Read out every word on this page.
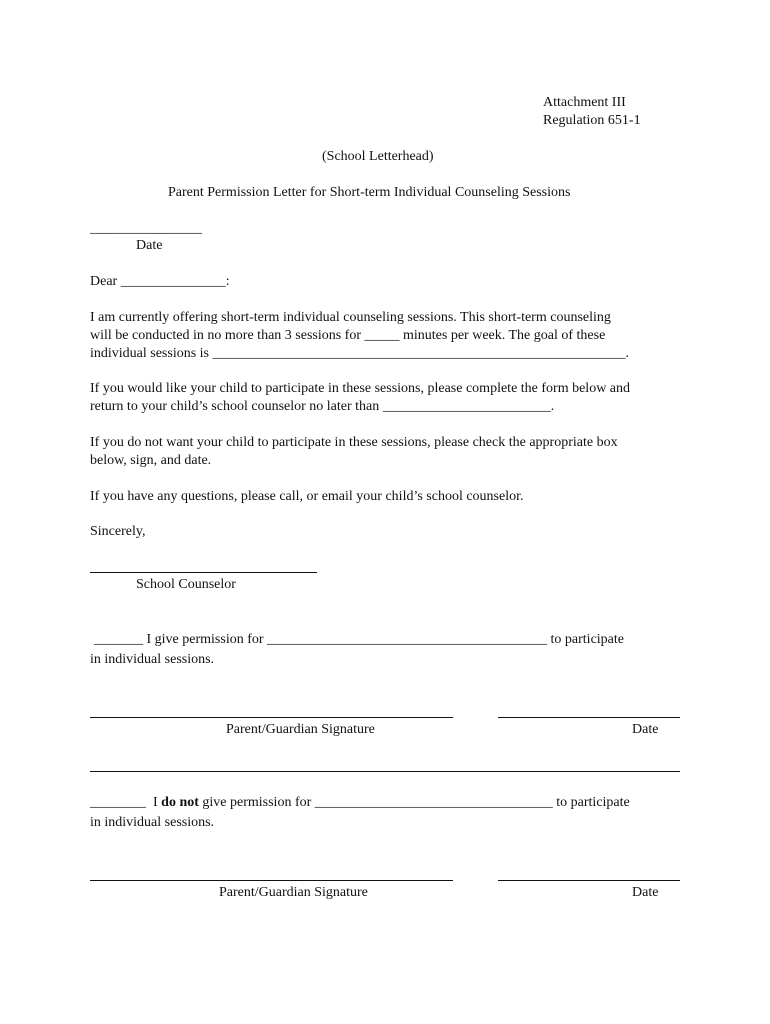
Attachment III
Regulation 651-1
(School Letterhead)
Parent Permission Letter for Short-term Individual Counseling Sessions
________________
Date
Dear _______________:
I am currently offering short-term individual counseling sessions. This short-term counseling
will be conducted in no more than 3 sessions for _____ minutes per week. The goal of these
individual sessions is ___________________________________________________________.
If you would like your child to participate in these sessions, please complete the form below and
return to your child’s school counselor no later than ________________________.
If you do not want your child to participate in these sessions, please check the appropriate box
below, sign, and date.
If you have any questions, please call, or email your child’s school counselor.
Sincerely,
School Counselor
_______ I give permission for ________________________________________ to participate
in individual sessions.
Parent/Guardian Signature	Date
________  I do not give permission for __________________________________ to participate
in individual sessions.
Parent/Guardian Signature	Date
